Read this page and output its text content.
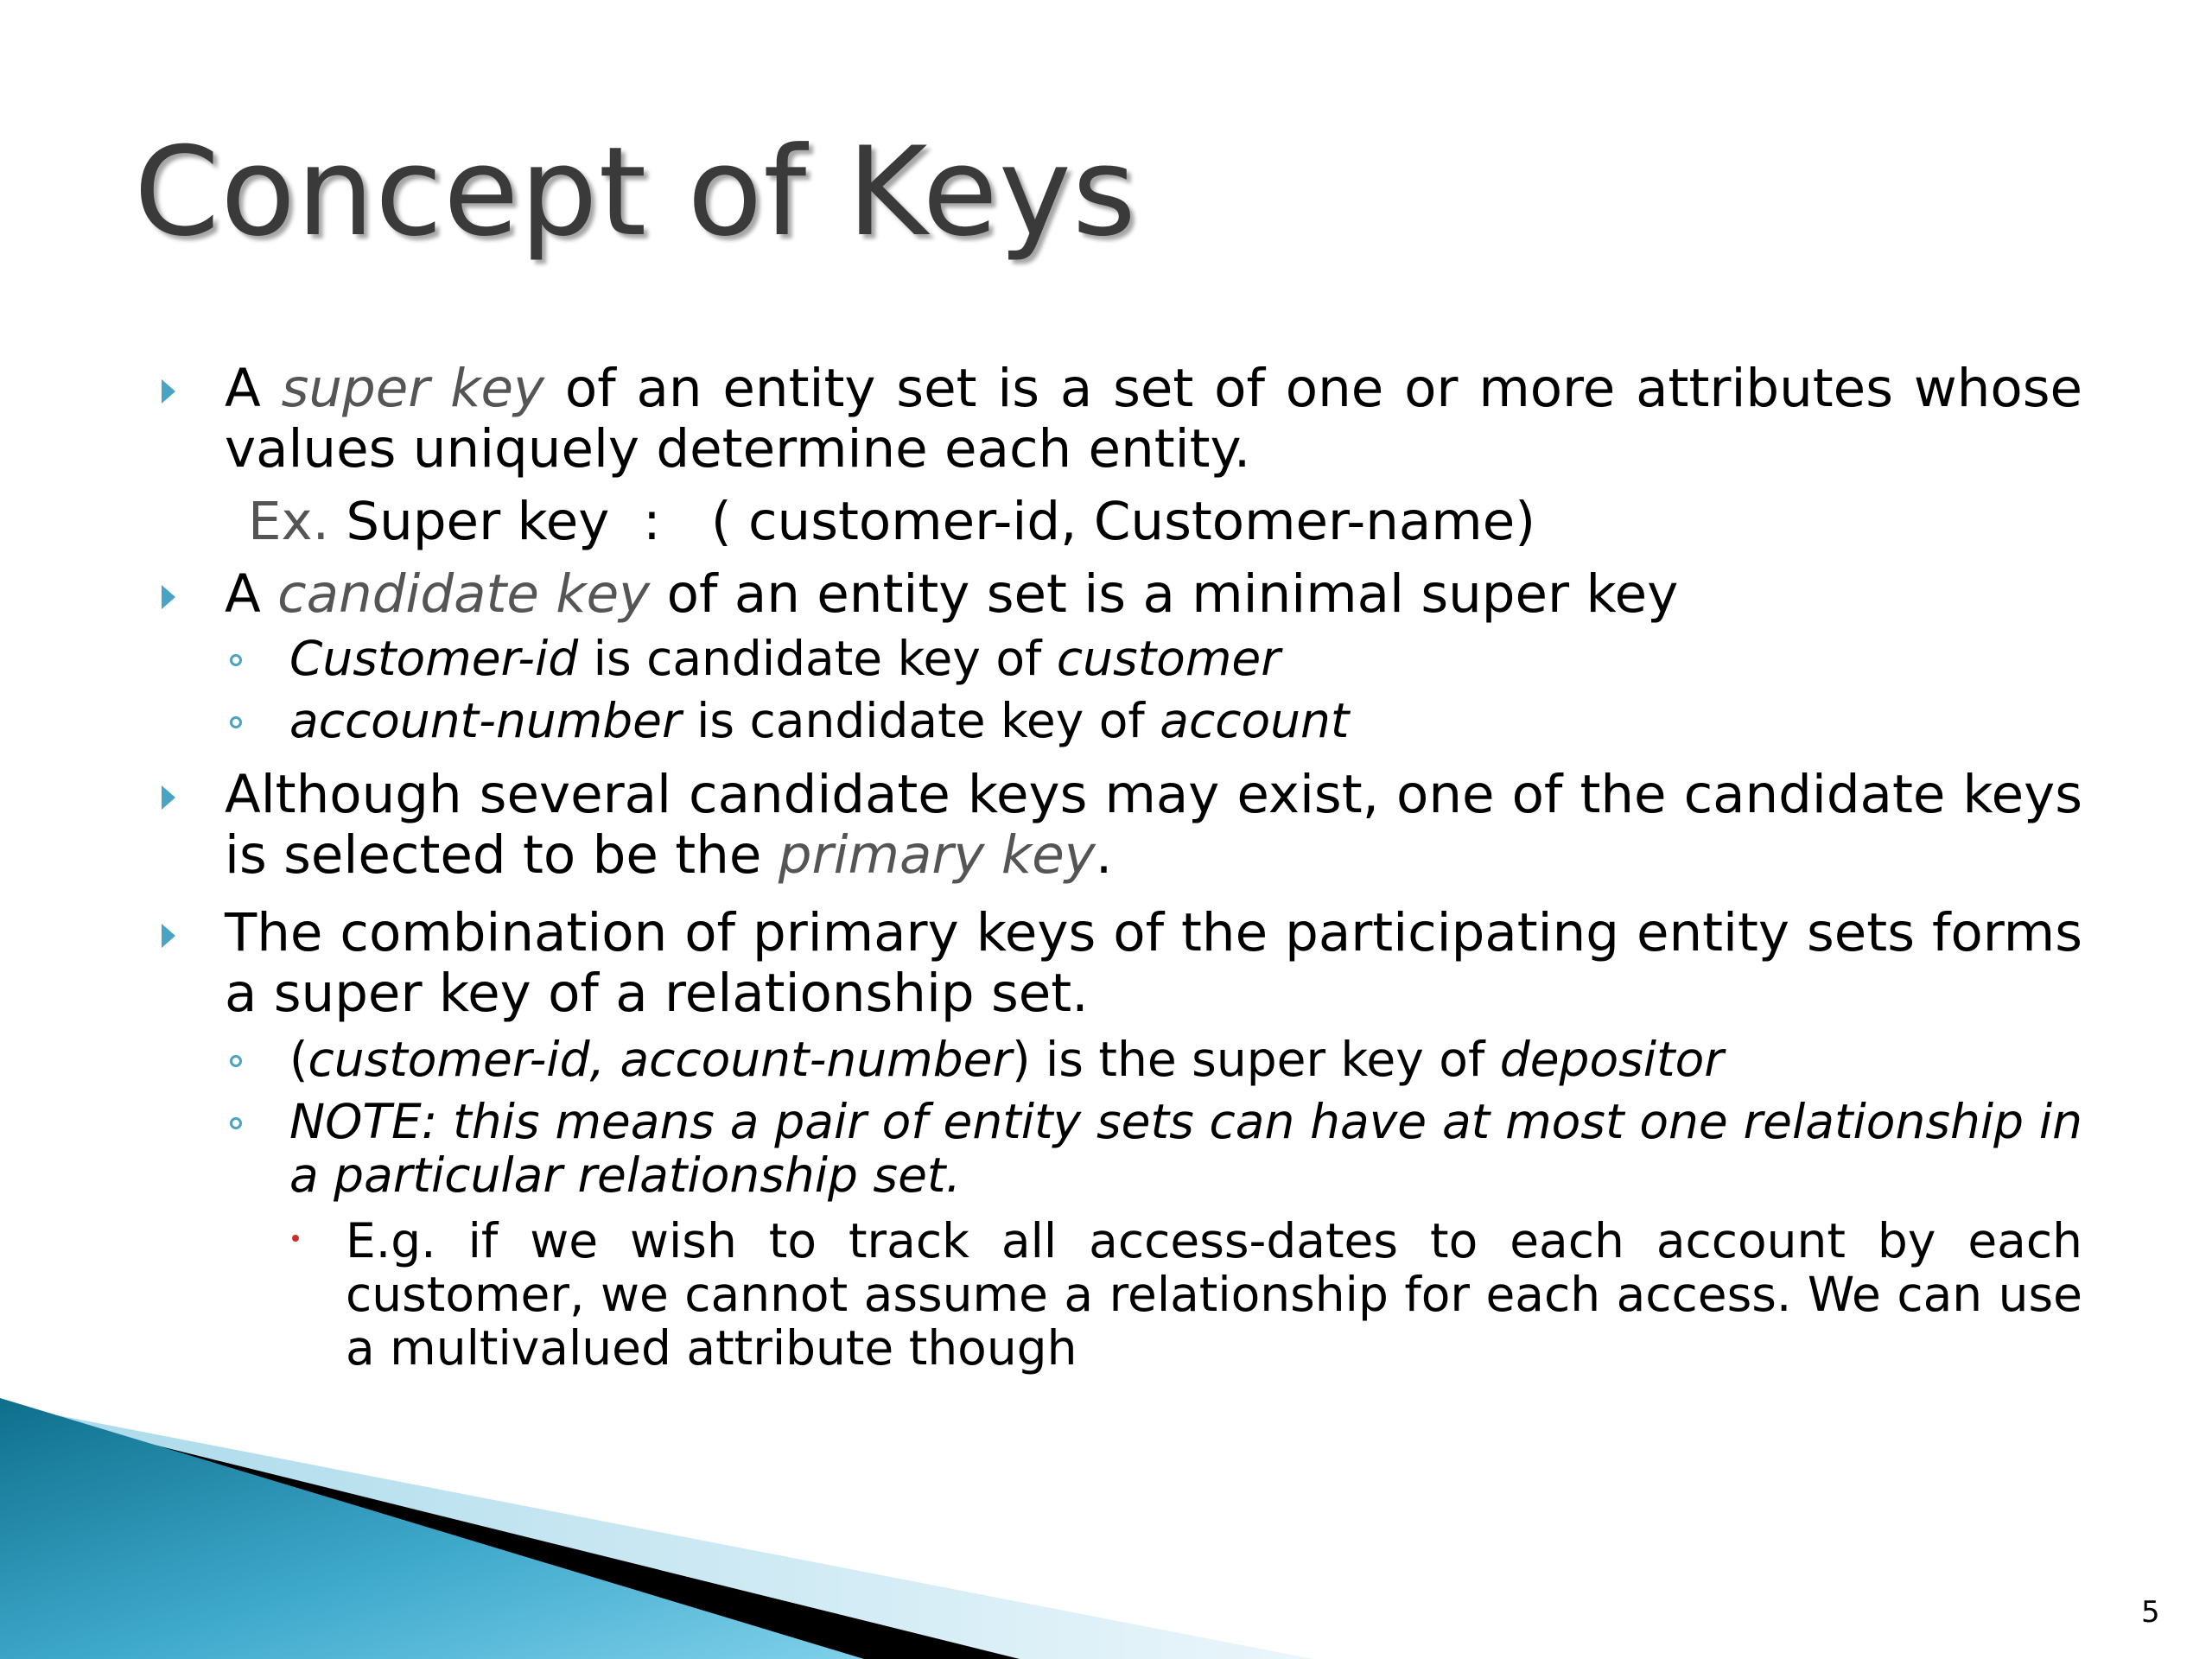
Concept of Keys
A super key of an entity set is a set of one or more attributes whose values uniquely determine each entity.
Ex. Super key  :   ( customer-id, Customer-name)
A candidate key of an entity set is a minimal super key
Customer-id is candidate key of customer
account-number is candidate key of account
Although several candidate keys may exist, one of the candidate keys is selected to be the primary key.
The combination of primary keys of the participating entity sets forms a super key of a relationship set.
(customer-id, account-number) is the super key of depositor
NOTE: this means a pair of entity sets can have at most one relationship in a particular relationship set.
E.g. if we wish to track all access-dates to each account by each customer, we cannot assume a relationship for each access. We can use a multivalued attribute though
5
